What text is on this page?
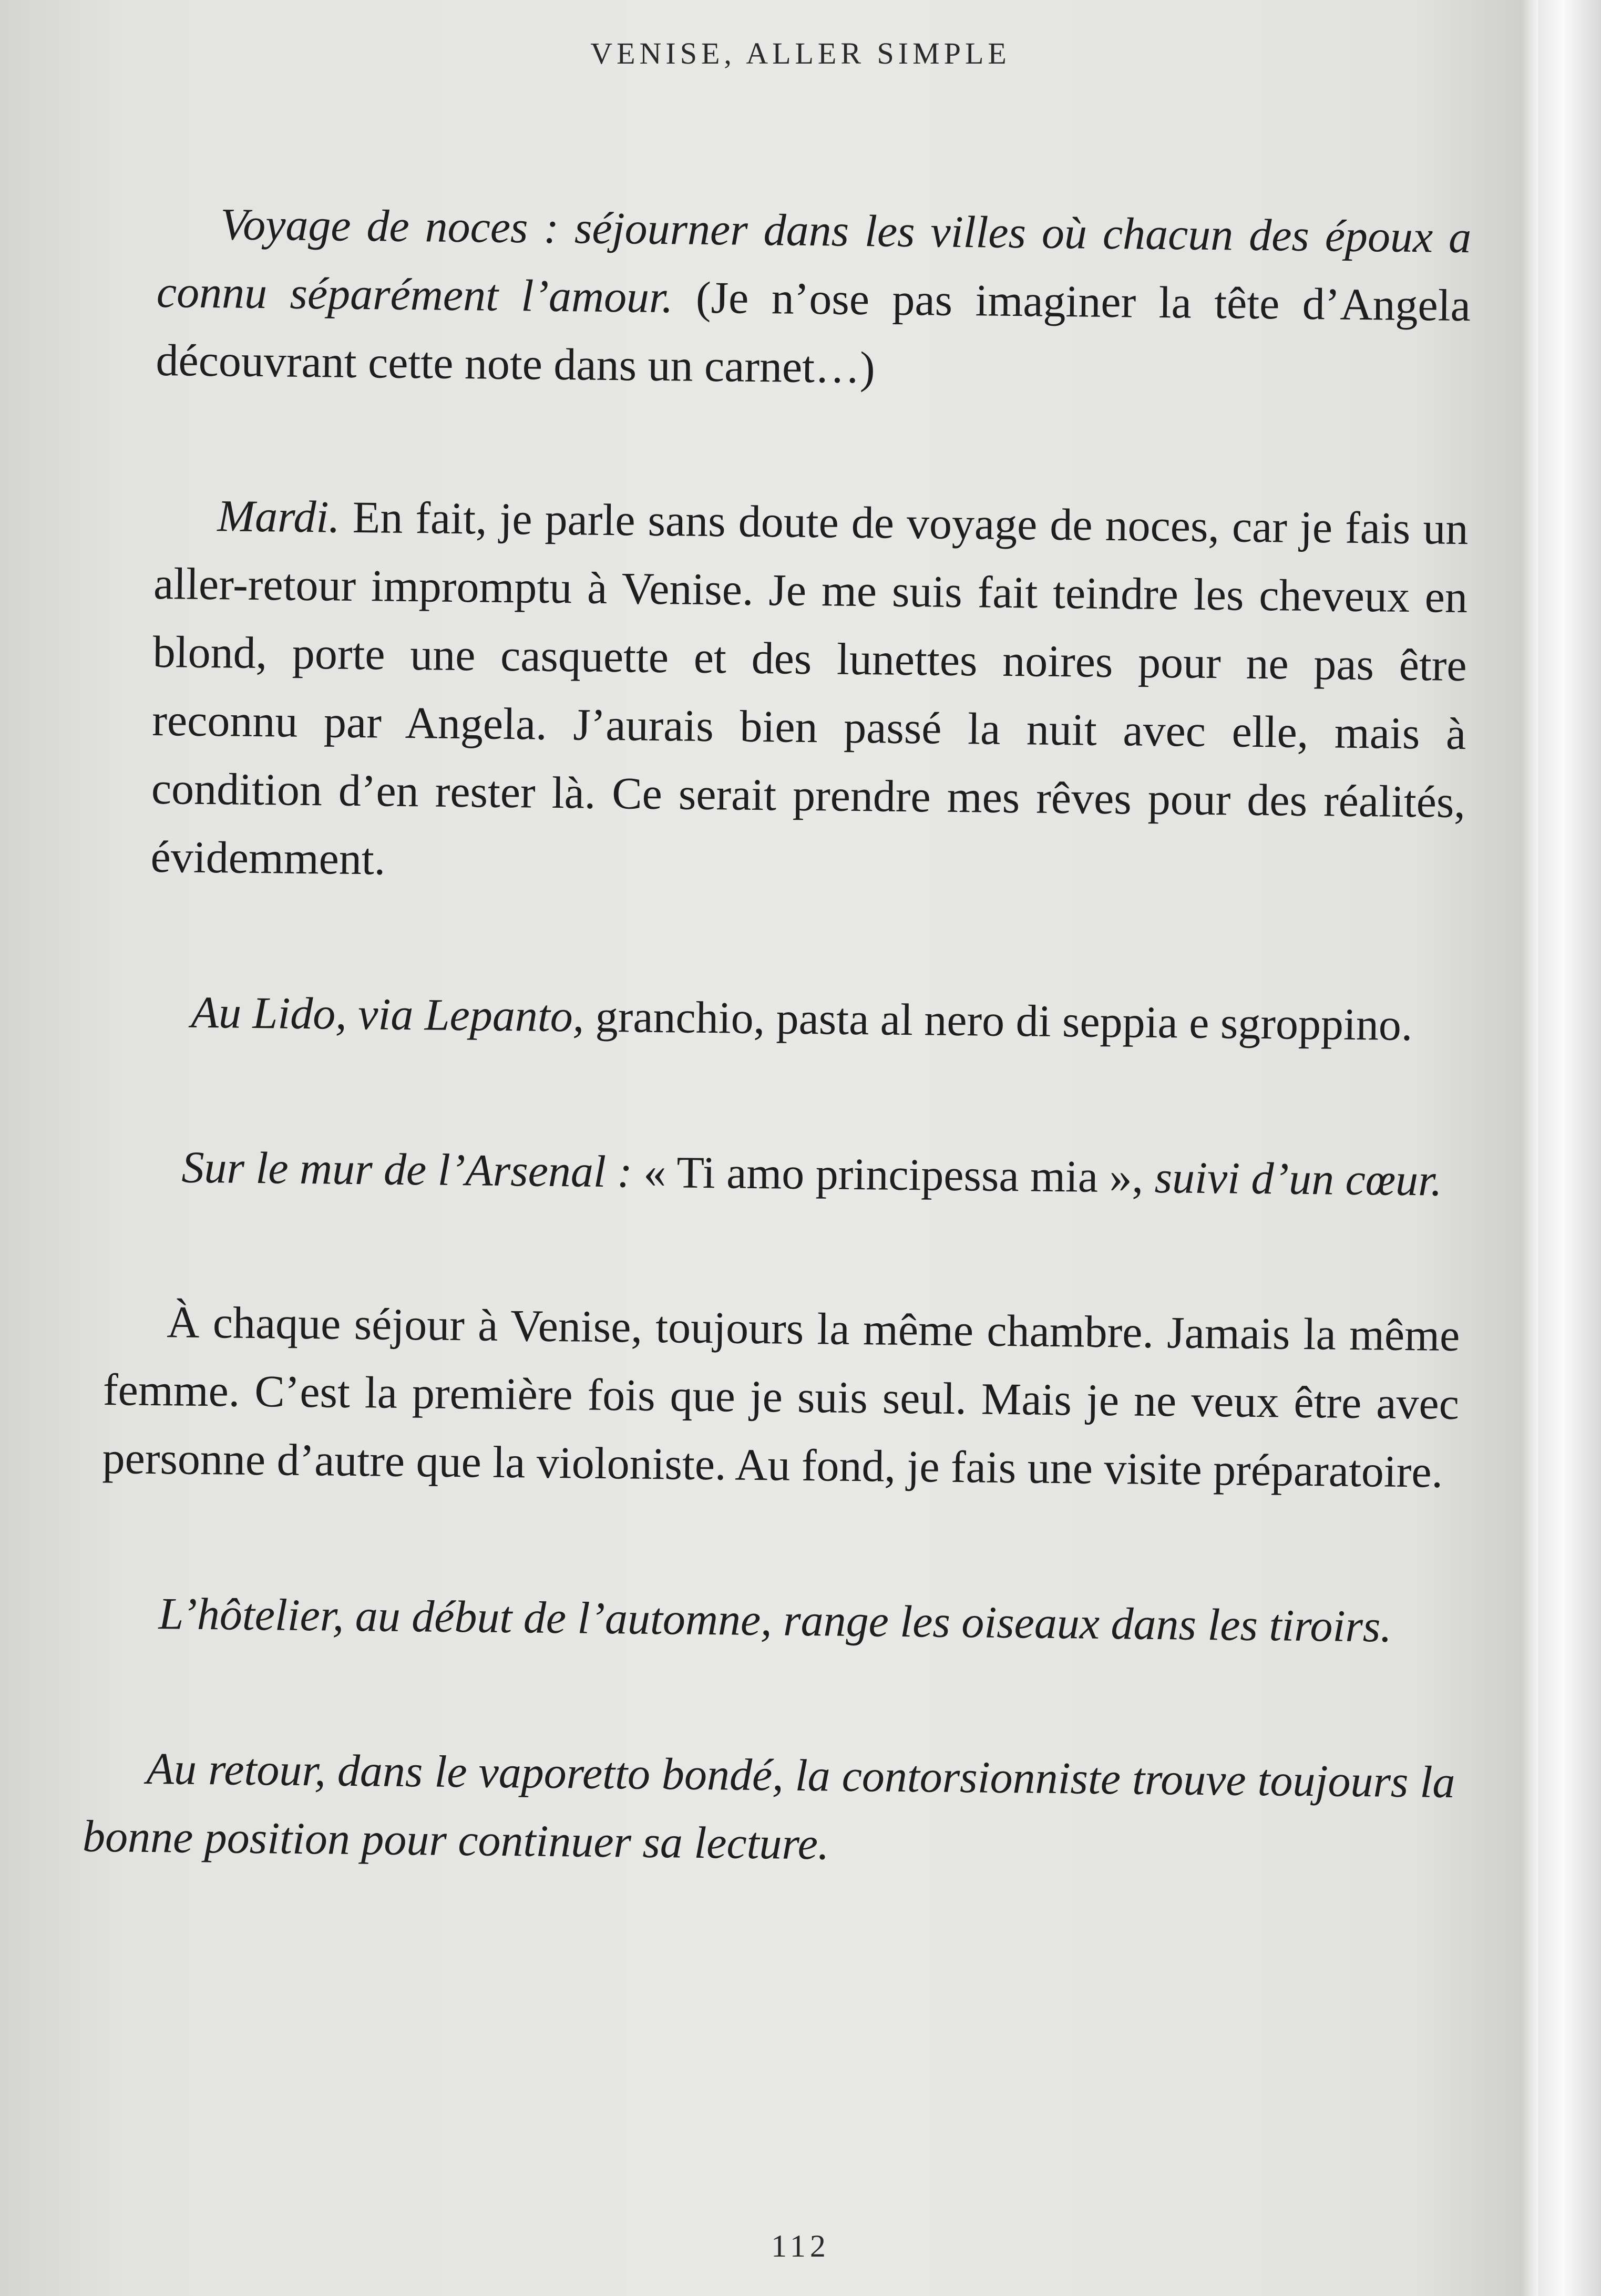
VENISE, ALLER SIMPLE

Voyage de noces : séjourner dans les villes où chacun des époux a connu séparément l’amour. (Je n’ose pas imaginer la tête d’Angela découvrant cette note dans un carnet…)

Mardi. En fait, je parle sans doute de voyage de noces, car je fais un aller-retour impromptu à Venise. Je me suis fait teindre les cheveux en blond, porte une casquette et des lunettes noires pour ne pas être reconnu par Angela. J’aurais bien passé la nuit avec elle, mais à condition d’en rester là. Ce serait prendre mes rêves pour des réalités, évidemment.

Au Lido, via Lepanto, granchio, pasta al nero di seppia e sgroppino.

Sur le mur de l’Arsenal : « Ti amo principessa mia », suivi d’un cœur.

À chaque séjour à Venise, toujours la même chambre. Jamais la même femme. C’est la première fois que je suis seul. Mais je ne veux être avec personne d’autre que la violoniste. Au fond, je fais une visite préparatoire.

L’hôtelier, au début de l’automne, range les oiseaux dans les tiroirs.

Au retour, dans le vaporetto bondé, la contorsionniste trouve toujours la bonne position pour continuer sa lecture.

112
